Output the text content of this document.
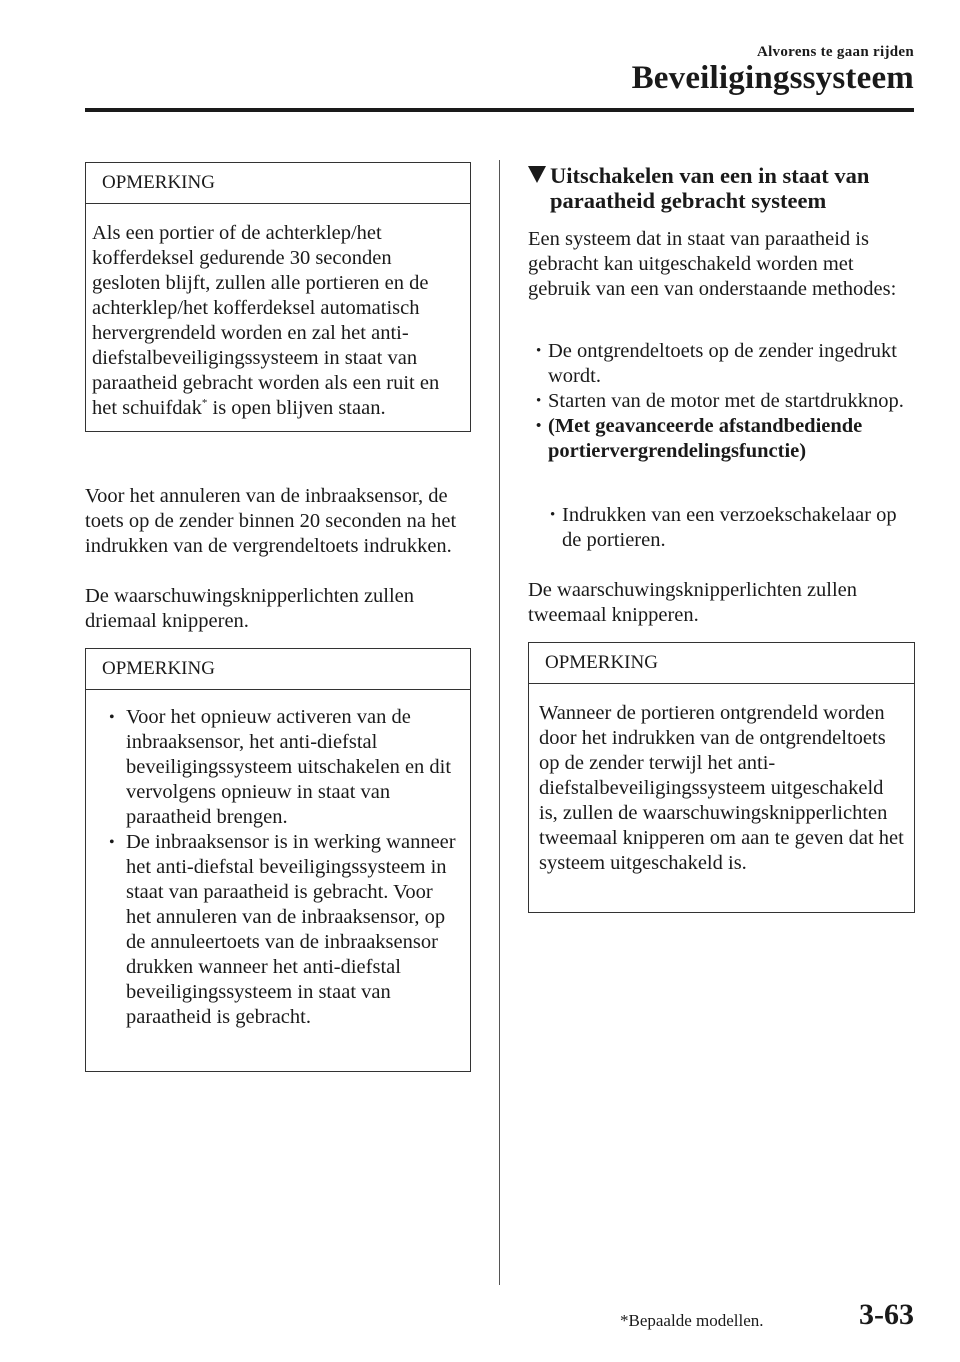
Alvorens te gaan rijden
Beveiligingssysteem
OPMERKING

Als een portier of de achterklep/het kofferdeksel gedurende 30 seconden gesloten blijft, zullen alle portieren en de achterklep/het kofferdeksel automatisch hervergrendeld worden en zal het anti-diefstalbeveiligingssysteem in staat van paraatheid gebracht worden als een ruit en het schuifdak* is open blijven staan.

Voor het annuleren van de inbraaksensor, de toets op de zender binnen 20 seconden na het indrukken van de vergrendeltoets indrukken.

De waarschuwingsknipperlichten zullen driemaal knipperen.

OPMERKING
• Voor het opnieuw activeren van de inbraaksensor, het anti-diefstal beveiligingssysteem uitschakelen en dit vervolgens opnieuw in staat van paraatheid brengen.
• De inbraaksensor is in werking wanneer het anti-diefstal beveiligingssysteem in staat van paraatheid is gebracht. Voor het annuleren van de inbraaksensor, op de annuleertoets van de inbraaksensor drukken wanneer het anti-diefstal beveiligingssysteem in staat van paraatheid is gebracht.
Uitschakelen van een in staat van paraatheid gebracht systeem

Een systeem dat in staat van paraatheid is gebracht kan uitgeschakeld worden met gebruik van een van onderstaande methodes:

• De ontgrendeltoets op de zender ingedrukt wordt.
• Starten van de motor met de startdrukknop.
• (Met geavanceerde afstandbediende portiervergrendelingsfunctie)
• Indrukken van een verzoekschakelaar op de portieren.

De waarschuwingsknipperlichten zullen tweemaal knipperen.

OPMERKING

Wanneer de portieren ontgrendeld worden door het indrukken van de ontgrendeltoets op de zender terwijl het anti-diefstalbeveiligingssysteem uitgeschakeld is, zullen de waarschuwingsknipperlichten tweemaal knipperen om aan te geven dat het systeem uitgeschakeld is.

*Bepaalde modellen.	3-63
